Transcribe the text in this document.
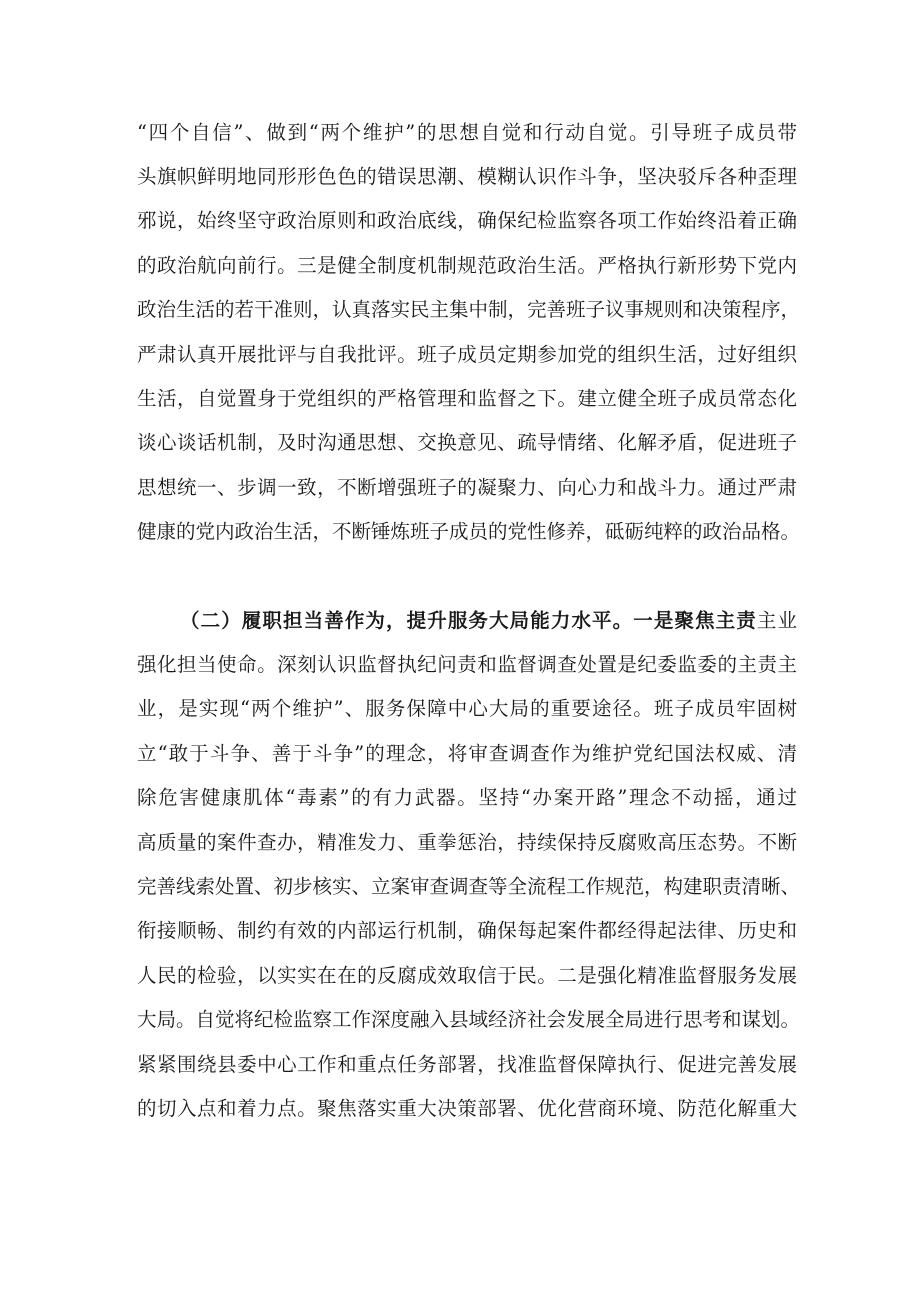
“四个自信”、做到“两个维护”的思想自觉和行动自觉。引导班子成员带
头旗帜鲜明地同形形色色的错误思潮、模糊认识作斗争，坚决驳斥各种歪理
邪说，始终坚守政治原则和政治底线，确保纪检监察各项工作始终沿着正确
的政治航向前行。三是健全制度机制规范政治生活。严格执行新形势下党内
政治生活的若干准则，认真落实民主集中制，完善班子议事规则和决策程序，
严肃认真开展批评与自我批评。班子成员定期参加党的组织生活，过好组织
生活，自觉置身于党组织的严格管理和监督之下。建立健全班子成员常态化
谈心谈话机制，及时沟通思想、交换意见、疏导情绪、化解矛盾，促进班子
思想统一、步调一致，不断增强班子的凝聚力、向心力和战斗力。通过严肃
健康的党内政治生活，不断锤炼班子成员的党性修养，砥砺纯粹的政治品格。
（二）履职担当善作为，提升服务大局能力水平。一是聚焦主责主业
强化担当使命。深刻认识监督执纪问责和监督调查处置是纪委监委的主责主
业，是实现“两个维护”、服务保障中心大局的重要途径。班子成员牢固树
立“敢于斗争、善于斗争”的理念，将审查调查作为维护党纪国法权威、清
除危害健康肌体“毒素”的有力武器。坚持“办案开路”理念不动摇，通过
高质量的案件查办，精准发力、重拳惩治，持续保持反腐败高压态势。不断
完善线索处置、初步核实、立案审查调查等全流程工作规范，构建职责清晰、
衔接顺畅、制约有效的内部运行机制，确保每起案件都经得起法律、历史和
人民的检验，以实实在在的反腐成效取信于民。二是强化精准监督服务发展
大局。自觉将纪检监察工作深度融入县域经济社会发展全局进行思考和谋划。
紧紧围绕县委中心工作和重点任务部署，找准监督保障执行、促进完善发展
的切入点和着力点。聚焦落实重大决策部署、优化营商环境、防范化解重大
